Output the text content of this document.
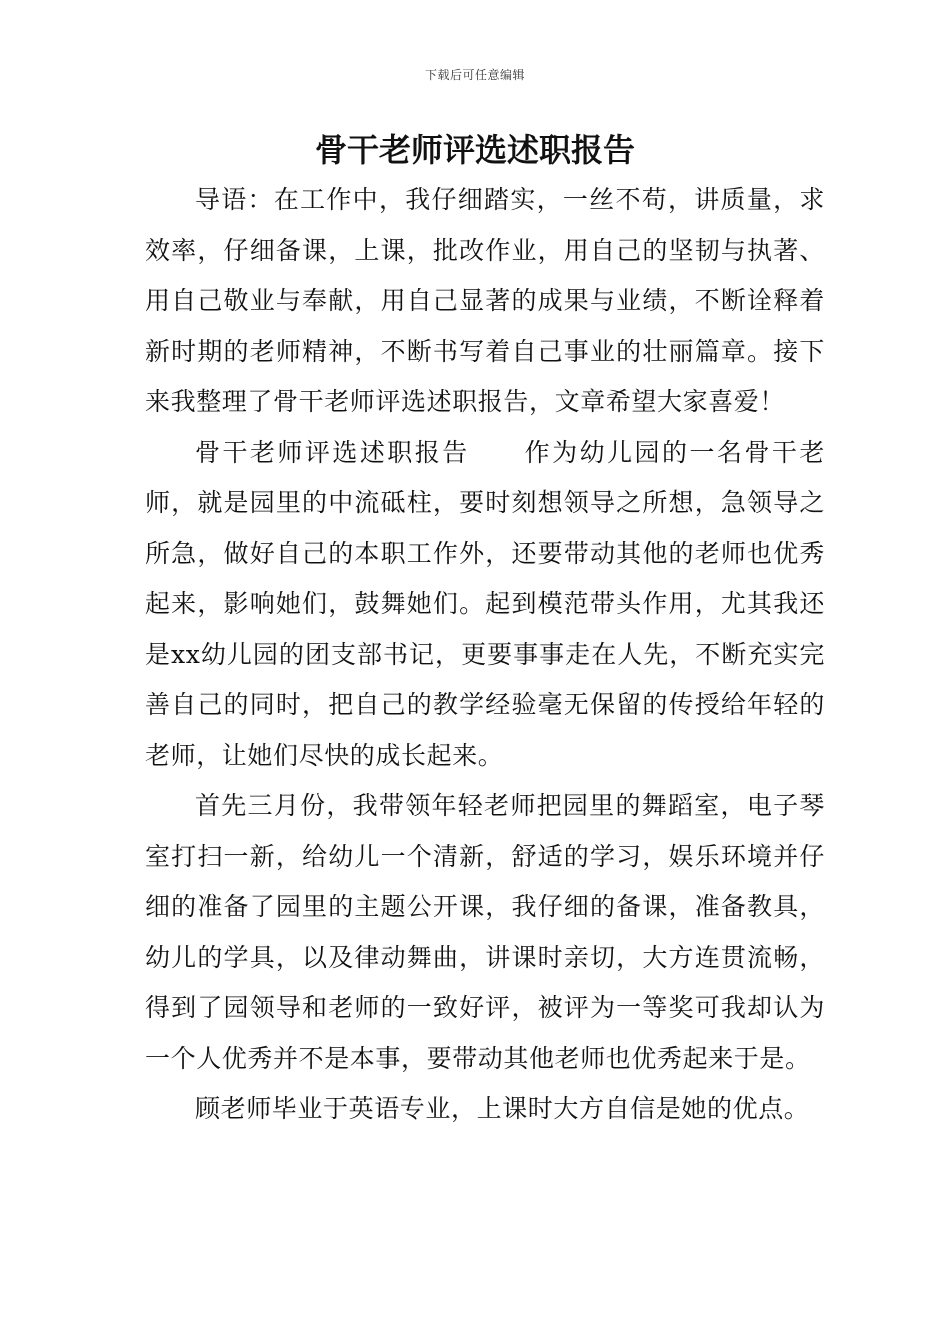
下载后可任意编辑
骨干老师评选述职报告

导语：在工作中，我仔细踏实，一丝不苟，讲质量，求效率，仔细备课，上课，批改作业，用自己的坚韧与执著、用自己敬业与奉献，用自己显著的成果与业绩，不断诠释着新时期的老师精神，不断书写着自己事业的壮丽篇章。接下来我整理了骨干老师评选述职报告，文章希望大家喜爱！

骨干老师评选述职报告　　作为幼儿园的一名骨干老师，就是园里的中流砥柱，要时刻想领导之所想，急领导之所急，做好自己的本职工作外，还要带动其他的老师也优秀起来，影响她们，鼓舞她们。起到模范带头作用，尤其我还是xx幼儿园的团支部书记，更要事事走在人先，不断充实完善自己的同时，把自己的教学经验毫无保留的传授给年轻的老师，让她们尽快的成长起来。

首先三月份，我带领年轻老师把园里的舞蹈室，电子琴室打扫一新，给幼儿一个清新，舒适的学习，娱乐环境并仔细的准备了园里的主题公开课，我仔细的备课，准备教具，幼儿的学具，以及律动舞曲，讲课时亲切，大方连贯流畅，得到了园领导和老师的一致好评，被评为一等奖可我却认为一个人优秀并不是本事，要带动其他老师也优秀起来于是。

顾老师毕业于英语专业，上课时大方自信是她的优点。
